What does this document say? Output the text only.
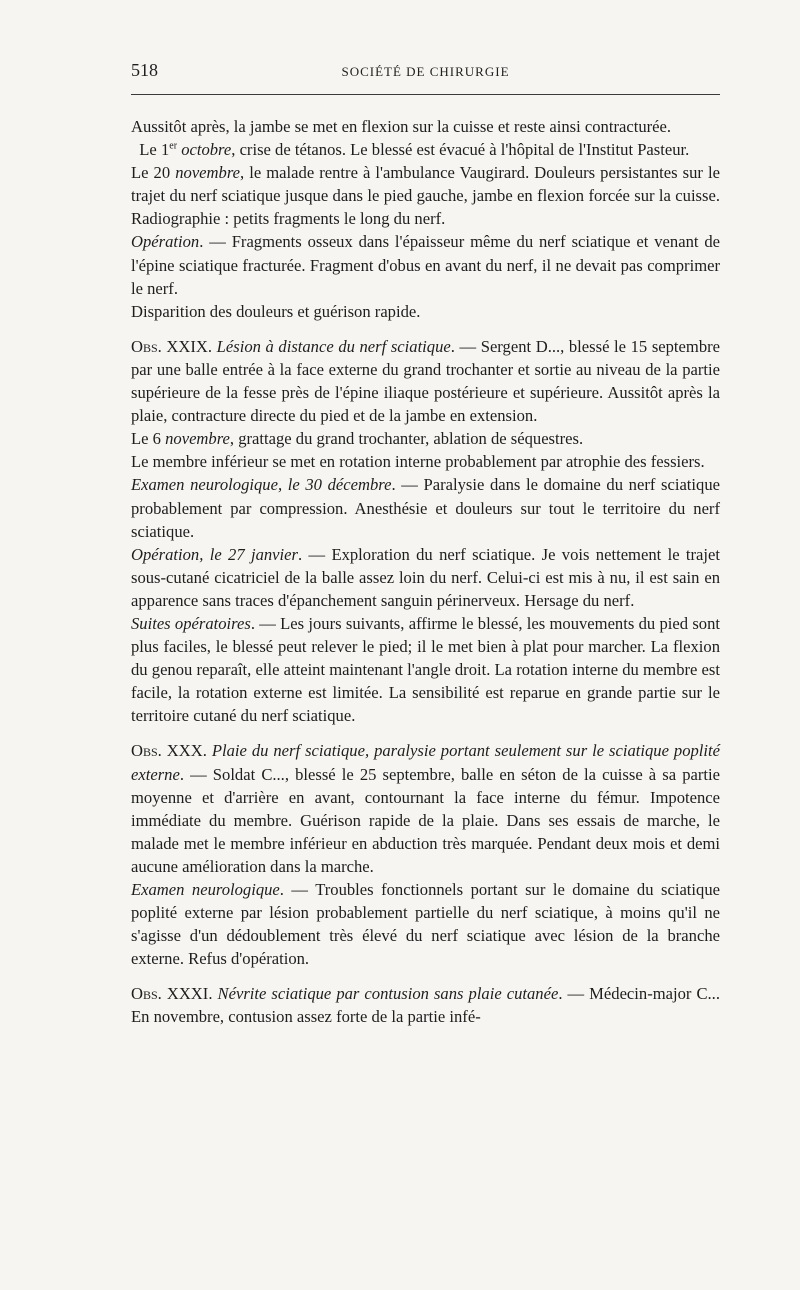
518	SOCIÉTÉ DE CHIRURGIE

Aussitôt après, la jambe se met en flexion sur la cuisse et reste ainsi contracturée.

Le 1er octobre, crise de tétanos. Le blessé est évacué à l'hôpital de l'Institut Pasteur.

Le 20 novembre, le malade rentre à l'ambulance Vaugirard. Douleurs persistantes sur le trajet du nerf sciatique jusque dans le pied gauche, jambe en flexion forcée sur la cuisse. Radiographie : petits fragments le long du nerf.

Opération. — Fragments osseux dans l'épaisseur même du nerf sciatique et venant de l'épine sciatique fracturée. Fragment d'obus en avant du nerf, il ne devait pas comprimer le nerf.

Disparition des douleurs et guérison rapide.

Obs. XXIX. Lésion à distance du nerf sciatique. — Sergent D..., blessé le 15 septembre par une balle entrée à la face externe du grand trochanter et sortie au niveau de la partie supérieure de la fesse près de l'épine iliaque postérieure et supérieure. Aussitôt après la plaie, contracture directe du pied et de la jambe en extension.

Le 6 novembre, grattage du grand trochanter, ablation de séquestres.

Le membre inférieur se met en rotation interne probablement par atrophie des fessiers.

Examen neurologique, le 30 décembre. — Paralysie dans le domaine du nerf sciatique probablement par compression. Anesthésie et douleurs sur tout le territoire du nerf sciatique.

Opération, le 27 janvier. — Exploration du nerf sciatique. Je vois nettement le trajet sous-cutané cicatriciel de la balle assez loin du nerf. Celui-ci est mis à nu, il est sain en apparence sans traces d'épanchement sanguin périnerveux. Hersage du nerf.

Suites opératoires. — Les jours suivants, affirme le blessé, les mouvements du pied sont plus faciles, le blessé peut relever le pied; il le met bien à plat pour marcher. La flexion du genou reparaît, elle atteint maintenant l'angle droit. La rotation interne du membre est facile, la rotation externe est limitée. La sensibilité est reparue en grande partie sur le territoire cutané du nerf sciatique.

Obs. XXX. Plaie du nerf sciatique, paralysie portant seulement sur le sciatique poplité externe. — Soldat C..., blessé le 25 septembre, balle en séton de la cuisse à sa partie moyenne et d'arrière en avant, contournant la face interne du fémur. Impotence immédiate du membre. Guérison rapide de la plaie. Dans ses essais de marche, le malade met le membre inférieur en abduction très marquée. Pendant deux mois et demi aucune amélioration dans la marche.

Examen neurologique. — Troubles fonctionnels portant sur le domaine du sciatique poplité externe par lésion probablement partielle du nerf sciatique, à moins qu'il ne s'agisse d'un dédoublement très élevé du nerf sciatique avec lésion de la branche externe. Refus d'opération.

Obs. XXXI. Névrite sciatique par contusion sans plaie cutanée. — Médecin-major C... En novembre, contusion assez forte de la partie infé-
